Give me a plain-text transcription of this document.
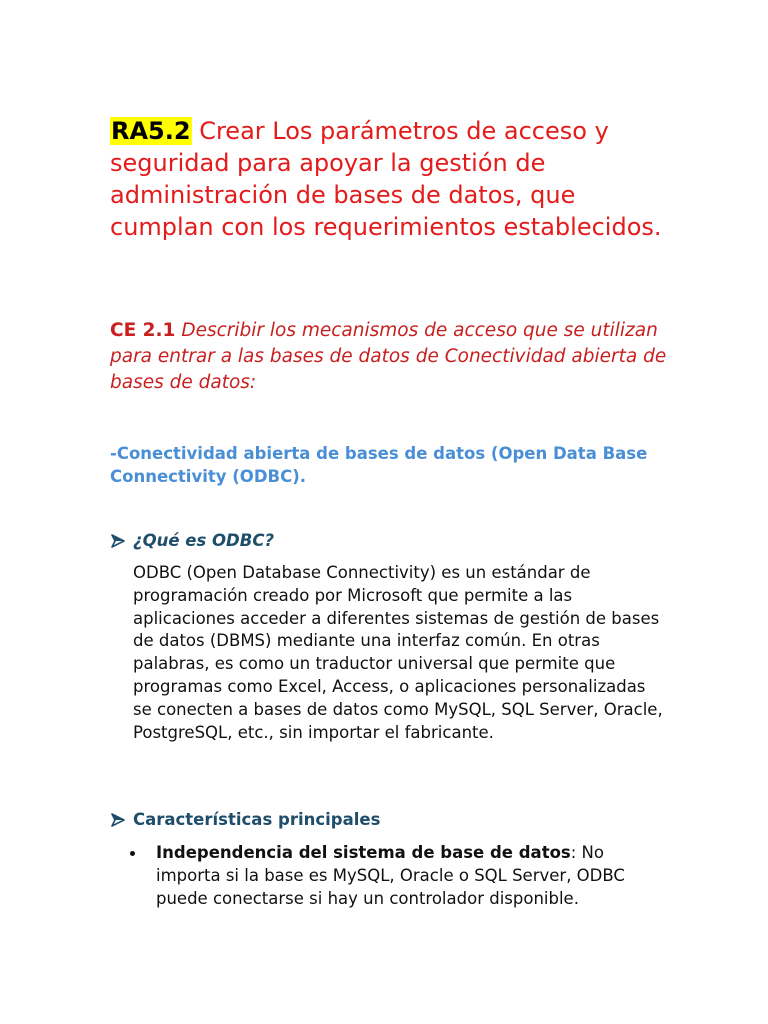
RA5.2 Crear Los parámetros de acceso y seguridad para apoyar la gestión de administración de bases de datos, que cumplan con los requerimientos establecidos.
CE 2.1 Describir los mecanismos de acceso que se utilizan para entrar a las bases de datos de Conectividad abierta de bases de datos:
-Conectividad abierta de bases de datos (Open Data Base Connectivity (ODBC).
¿Qué es ODBC?
ODBC (Open Database Connectivity) es un estándar de programación creado por Microsoft que permite a las aplicaciones acceder a diferentes sistemas de gestión de bases de datos (DBMS) mediante una interfaz común. En otras palabras, es como un traductor universal que permite que programas como Excel, Access, o aplicaciones personalizadas se conecten a bases de datos como MySQL, SQL Server, Oracle, PostgreSQL, etc., sin importar el fabricante.
Características principales
Independencia del sistema de base de datos: No importa si la base es MySQL, Oracle o SQL Server, ODBC puede conectarse si hay un controlador disponible.
